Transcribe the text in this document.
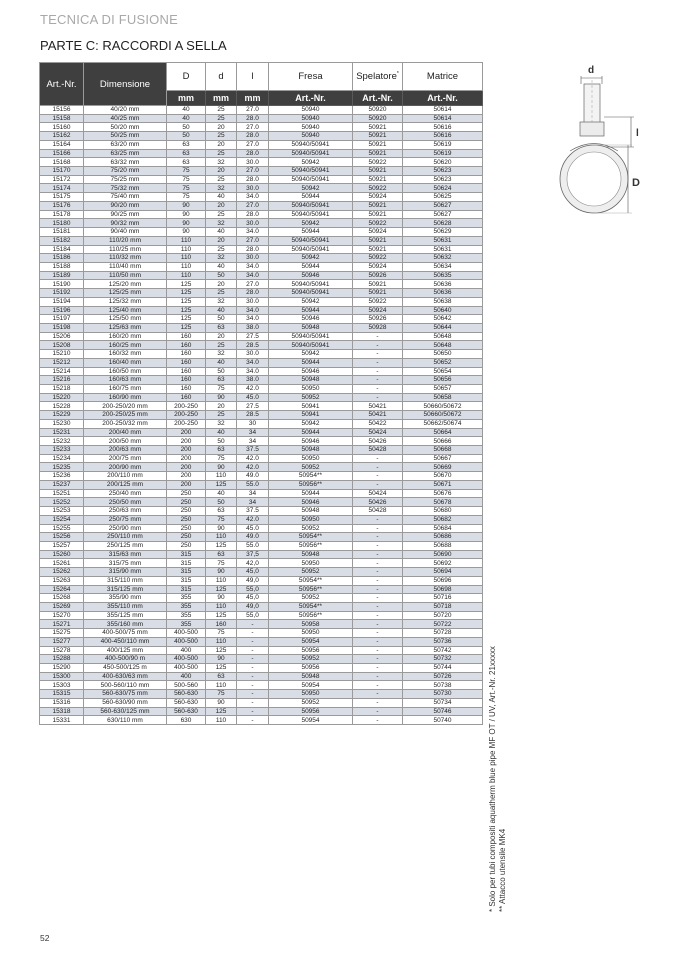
TECNICA DI FUSIONE
PARTE C: RACCORDI A SELLA
Art.-Nr.	Dimensione	D	d	l	Fresa	Spelatore*	Matrice
		mm	mm	mm	Art.-Nr.	Art.-Nr.	Art.-Nr.
15156	40/20 mm	40	25	27.0	50940	50920	50614
15158	40/25 mm	40	25	28.0	50940	50920	50614
15160	50/20 mm	50	20	27.0	50940	50921	50616
15162	50/25 mm	50	25	28.0	50940	50921	50616
15164	63/20 mm	63	20	27.0	50940/50941	50921	50619
15166	63/25 mm	63	25	28.0	50940/50941	50921	50619
15168	63/32 mm	63	32	30.0	50942	50922	50620
15170	75/20 mm	75	20	27.0	50940/50941	50921	50623
15172	75/25 mm	75	25	28.0	50940/50941	50921	50623
15174	75/32 mm	75	32	30.0	50942	50922	50624
15175	75/40 mm	75	40	34.0	50944	50924	50625
15176	90/20 mm	90	20	27.0	50940/50941	50921	50627
15178	90/25 mm	90	25	28.0	50940/50941	50921	50627
15180	90/32 mm	90	32	30.0	50942	50922	50628
15181	90/40 mm	90	40	34.0	50944	50924	50629
15182	110/20 mm	110	20	27.0	50940/50941	50921	50631
15184	110/25 mm	110	25	28.0	50940/50941	50921	50631
15186	110/32 mm	110	32	30.0	50942	50922	50632
15188	110/40 mm	110	40	34.0	50944	50924	50634
15189	110/50 mm	110	50	34.0	50946	50926	50635
15190	125/20 mm	125	20	27.0	50940/50941	50921	50636
15192	125/25 mm	125	25	28.0	50940/50941	50921	50636
15194	125/32 mm	125	32	30.0	50942	50922	50638
15196	125/40 mm	125	40	34.0	50944	50924	50640
15197	125/50 mm	125	50	34.0	50946	50926	50642
15198	125/63 mm	125	63	38.0	50948	50928	50644
15206	160/20 mm	160	20	27.5	50940/50941	-	50648
15208	160/25 mm	160	25	28.5	50940/50941	-	50648
15210	160/32 mm	160	32	30.0	50942	-	50650
15212	160/40 mm	160	40	34.0	50944	-	50652
15214	160/50 mm	160	50	34.0	50946	-	50654
15216	160/63 mm	160	63	38.0	50948	-	50656
15218	160/75 mm	160	75	42.0	50950	-	50657
15220	160/90 mm	160	90	45.0	50952	-	50658
15228	200-250/20 mm	200-250	20	27.5	50941	50421	50660/50672
15229	200-250/25 mm	200-250	25	28.5	50941	50421	50660/50672
15230	200-250/32 mm	200-250	32	30	50942	50422	50662/50674
15231	200/40 mm	200	40	34	50944	50424	50664
15232	200/50 mm	200	50	34	50946	50426	50666
15233	200/63 mm	200	63	37.5	50948	50428	50668
15234	200/75 mm	200	75	42.0	50950	-	50667
15235	200/90 mm	200	90	42.0	50952	-	50669
15236	200/110 mm	200	110	49.0	50954**	-	50670
15237	200/125 mm	200	125	55.0	50956**	-	50671
15251	250/40 mm	250	40	34	50944	50424	50676
15252	250/50 mm	250	50	34	50946	50426	50678
15253	250/63 mm	250	63	37.5	50948	50428	50680
15254	250/75 mm	250	75	42.0	50950	-	50682
15255	250/90 mm	250	90	45.0	50952	-	50684
15256	250/110 mm	250	110	49.0	50954**	-	50686
15257	250/125 mm	250	125	55.0	50956**	-	50688
15260	315/63 mm	315	63	37,5	50948	-	50690
15261	315/75 mm	315	75	42,0	50950	-	50692
15262	315/90 mm	315	90	45,0	50952	-	50694
15263	315/110 mm	315	110	49,0	50954**	-	50696
15264	315/125 mm	315	125	55,0	50956**	-	50698
15268	355/90 mm	355	90	45,0	50952	-	50716
15269	355/110 mm	355	110	49,0	50954**	-	50718
15270	355/125 mm	355	125	55,0	50956**	-	50720
15271	355/160 mm	355	160	-	50958	-	50722
15275	400-500/75 mm	400-500	75	-	50950	-	50728
15277	400-450/110 mm	400-500	110	-	50954	-	50736
15278	400/125 mm	400	125	-	50956	-	50742
15288	400-500/90 m	400-500	90	-	50952	-	50732
15290	450-500/125 m	400-500	125	-	50956	-	50744
15300	400-630/63 mm	400	63	-	50948	-	50726
15303	500-560/110 mm	500-560	110	-	50954	-	50738
15315	560-630/75 mm	560-630	75	-	50950	-	50730
15316	560-630/90 mm	560-630	90	-	50952	-	50734
15318	560-630/125 mm	560-630	125	-	50956	-	50746
15331	630/110 mm	630	110	-	50954	-	50740
d
l
D
* Solo per tubi compositi aquatherm blue pipe MF OT / UV, Art.-Nr. 21xxxxx ** Attacco utensile MK4
52
